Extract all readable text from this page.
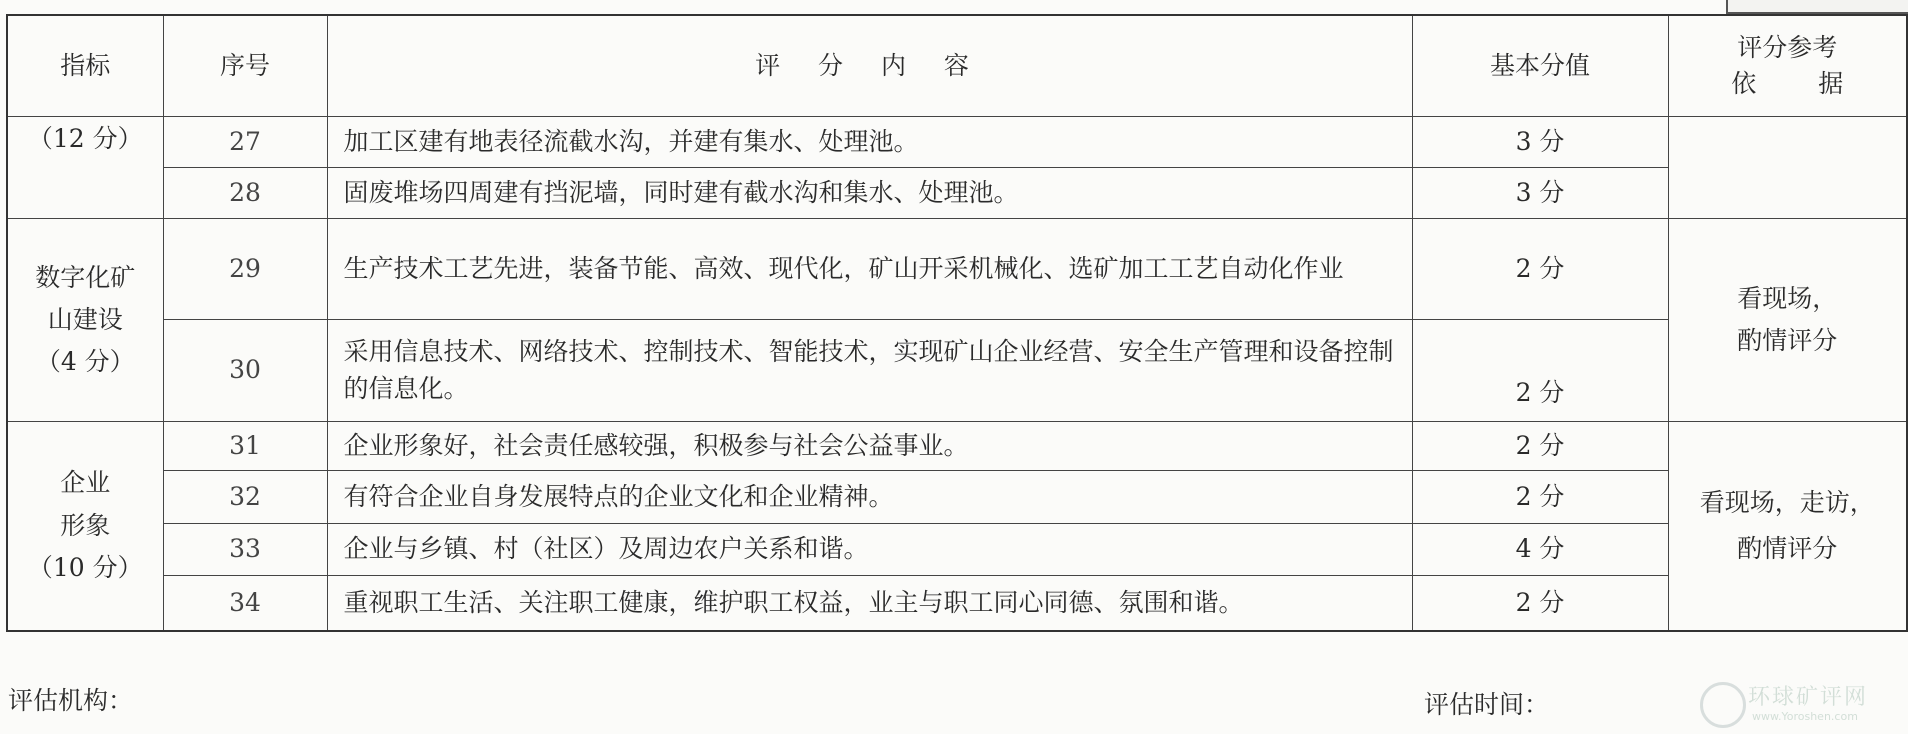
指标	序号	评 分 内 容	基本分值	评分参考
依 据

（12 分）	27	加工区建有地表径流截水沟，并建有集水、处理池。	3 分	
	28	固废堆场四周建有挡泥墙，同时建有截水沟和集水、处理池。	3 分	

数字化矿
山建设
（4 分）	29	生产技术工艺先进，装备节能、高效、现代化，矿山开采机械化、选矿加工工艺自动化作业	2 分	看现场，
酌情评分

	30	采用信息技术、网络技术、控制技术、智能技术，实现矿山企业经营、安全生产管理和设备控制的信息化。	2 分	

企业
形象
（10 分）	31	企业形象好，社会责任感较强，积极参与社会公益事业。	2 分	看现场，走访，
酌情评分

	32	有符合企业自身发展特点的企业文化和企业精神。	2 分	
	33	企业与乡镇、村（社区）及周边农户关系和谐。	4 分	
	34	重视职工生活、关注职工健康，维护职工权益，业主与职工同心同德、氛围和谐。	2 分	
评估机构：	评估时间：	环球矿评网
www.Yoroshen.com
